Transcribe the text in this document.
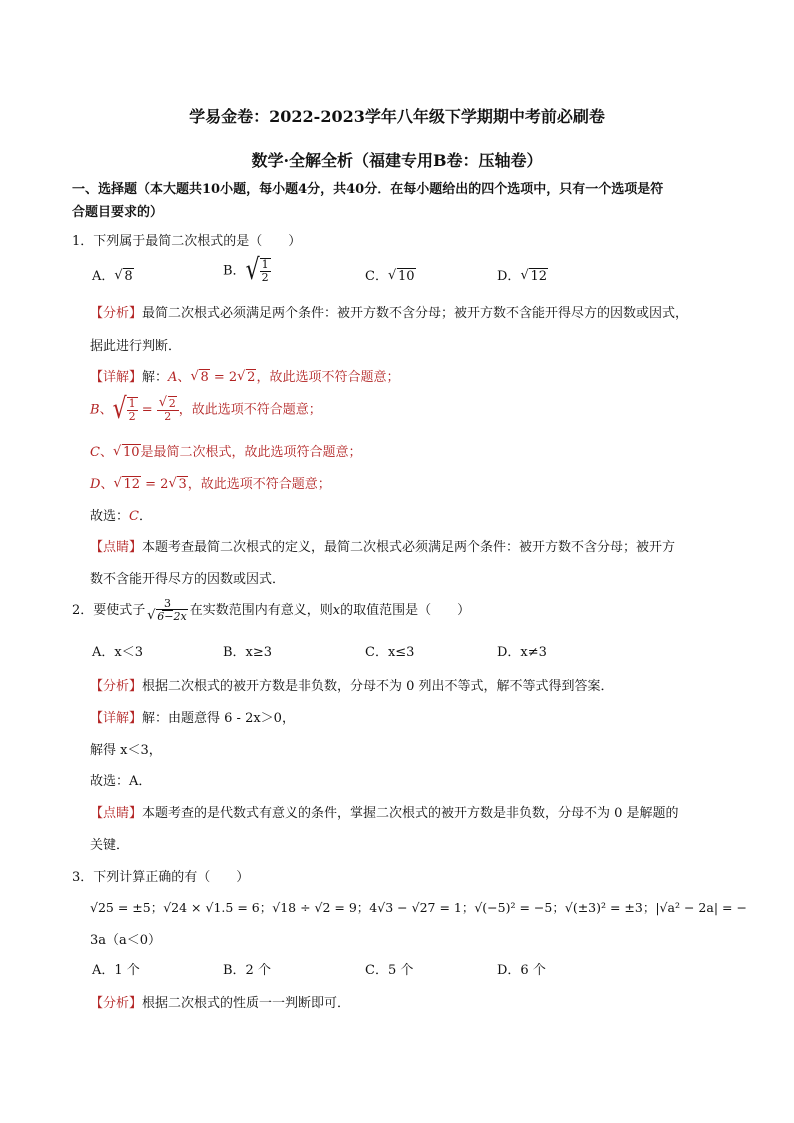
学易金卷：2022-2023学年八年级下学期期中考前必刷卷
数学·全解全析（福建专用B卷：压轴卷）
一、选择题（本大题共10小题，每小题4分，共40分．在每小题给出的四个选项中，只有一个选项是符
合题目要求的）
1．下列属于最简二次根式的是（　　）
A． √ 8	B． √ $\frac{1}{2}$	C． √ 10	D． √ 12
【分析】最简二次根式必须满足两个条件：被开方数不含分母；被开方数不含能开得尽方的因数或因式，
据此进行判断．
【详解】解：A、 √ 8 = 2 √ 2，故此选项不符合题意；
B、 √ $\frac{1}{2}$ = √ $\frac{2}{2}$ ，故此选项不符合题意；
C、 √ 10是最简二次根式，故此选项符合题意；
D、 √ 12 = 2 √ 3，故此选项不符合题意；
故选：C．
【点睛】本题考查最简二次根式的定义，最简二次根式必须满足两个条件：被开方数不含分母；被开方
数不含能开得尽方的因数或因式．
2．要使式子 3
√ 6−2x 在实数范围内有意义，则x的取值范围是（　　）
A．x＜3	B．x≥3	C．x≤3	D．x≠3
【分析】根据二次根式的被开方数是非负数，分母不为 0 列出不等式，解不等式得到答案．
【详解】解：由题意得 6 - 2x＞0，
解得 x＜3，
故选：A．
【点睛】本题考查的是代数式有意义的条件，掌握二次根式的被开方数是非负数，分母不为 0 是解题的
关键．
3．下列计算正确的有（　　）
√25 = ±5；√24 × √1.5 = 6；√18 ÷ √2 = 9；4√3 − √27 = 1；√(−5)² = −5；√(±3)² = ±3；|√a² − 2a| = −
3a（a＜0）
A．1 个	B．2 个	C．5 个	D．6 个
【分析】根据二次根式的性质一一判断即可．
